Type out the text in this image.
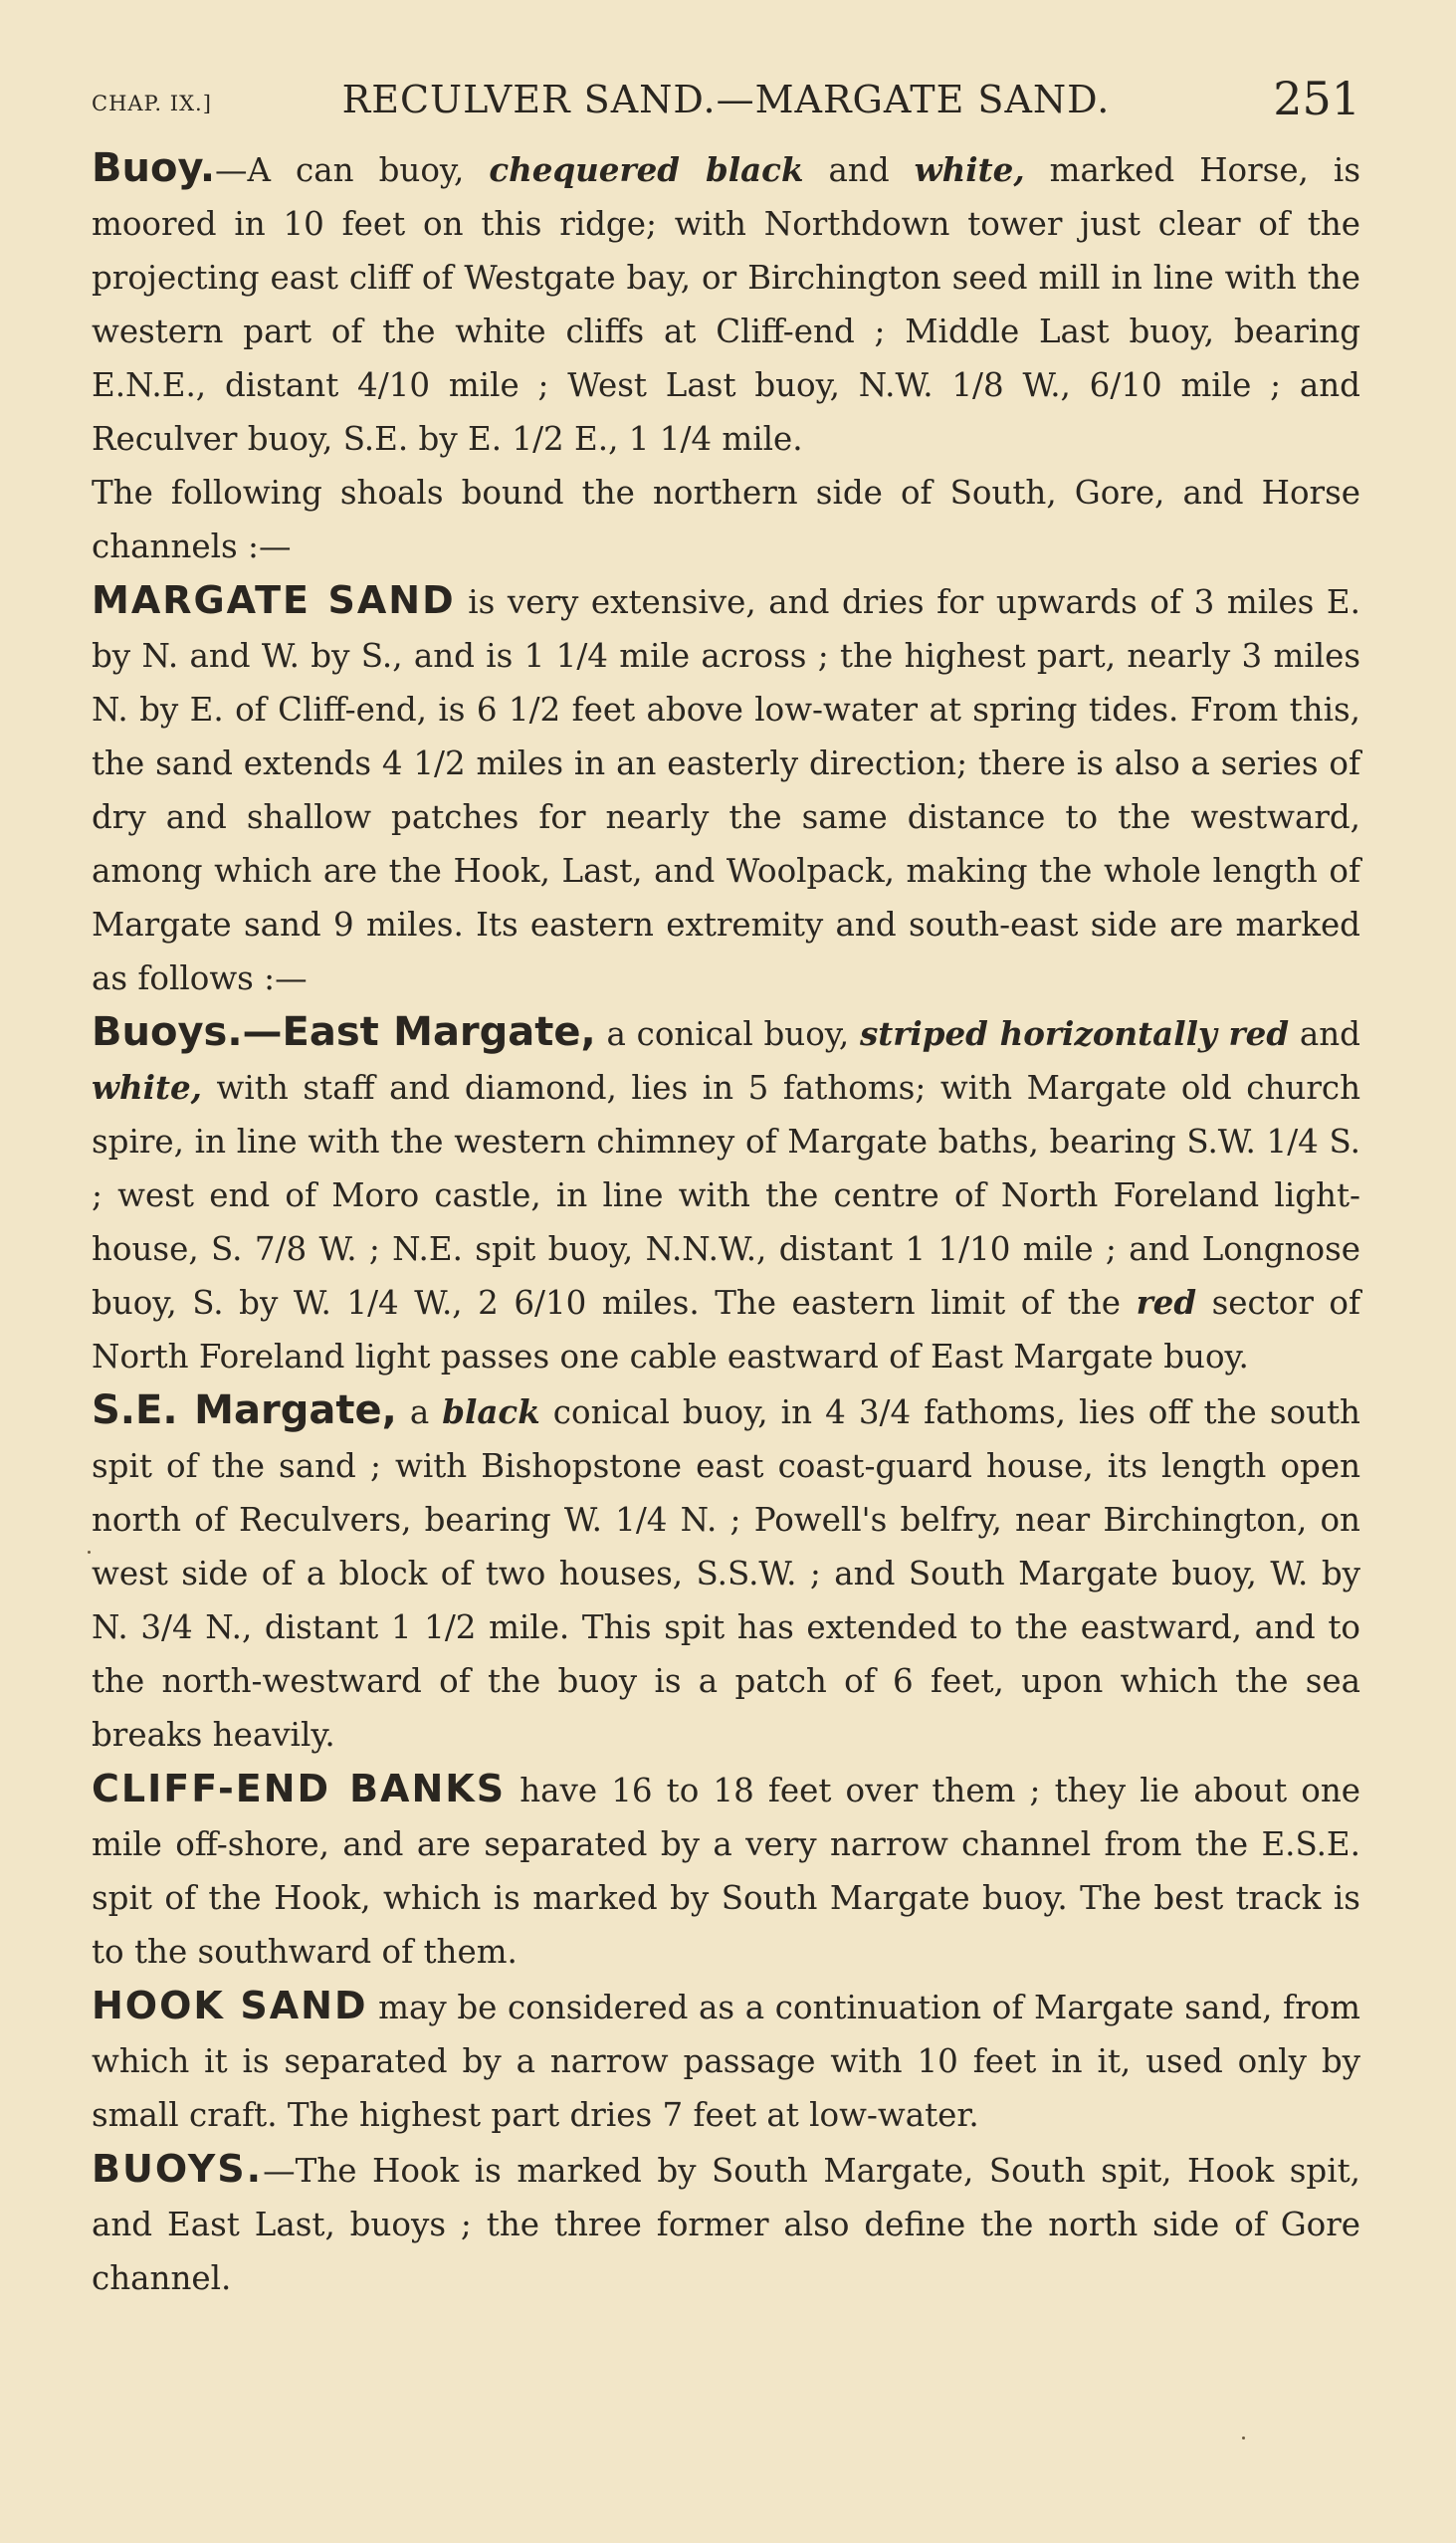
CHAP. IX.]	RECULVER SAND.—MARGATE SAND.	251

Buoy.—A can buoy, chequered black and white, marked Horse, is moored in 10 feet on this ridge; with Northdown tower just clear of the projecting east cliff of Westgate bay, or Birchington seed mill in line with the western part of the white cliffs at Cliff-end ; Middle Last buoy, bearing E.N.E., distant 4/10 mile ; West Last buoy, N.W. 1/8 W., 6/10 mile ; and Reculver buoy, S.E. by E. 1/2 E., 1 1/4 mile.

The following shoals bound the northern side of South, Gore, and Horse channels :—

MARGATE SAND is very extensive, and dries for upwards of 3 miles E. by N. and W. by S., and is 1 1/4 mile across ; the highest part, nearly 3 miles N. by E. of Cliff-end, is 6 1/2 feet above low-water at spring tides. From this, the sand extends 4 1/2 miles in an easterly direction; there is also a series of dry and shallow patches for nearly the same distance to the westward, among which are the Hook, Last, and Woolpack, making the whole length of Margate sand 9 miles. Its eastern extremity and south-east side are marked as follows :—

Buoys.—East Margate, a conical buoy, striped horizontally red and white, with staff and diamond, lies in 5 fathoms; with Margate old church spire, in line with the western chimney of Margate baths, bearing S.W. 1/4 S. ; west end of Moro castle, in line with the centre of North Foreland light-house, S. 7/8 W. ; N.E. spit buoy, N.N.W., distant 1 1/10 mile ; and Longnose buoy, S. by W. 1/4 W., 2 6/10 miles. The eastern limit of the red sector of North Foreland light passes one cable eastward of East Margate buoy.

S.E. Margate, a black conical buoy, in 4 3/4 fathoms, lies off the south spit of the sand ; with Bishopstone east coast-guard house, its length open north of Reculvers, bearing W. 1/4 N. ; Powell's belfry, near Birchington, on west side of a block of two houses, S.S.W. ; and South Margate buoy, W. by N. 3/4 N., distant 1 1/2 mile. This spit has extended to the eastward, and to the north-westward of the buoy is a patch of 6 feet, upon which the sea breaks heavily.

CLIFF-END BANKS have 16 to 18 feet over them ; they lie about one mile off-shore, and are separated by a very narrow channel from the E.S.E. spit of the Hook, which is marked by South Margate buoy. The best track is to the southward of them.

HOOK SAND may be considered as a continuation of Margate sand, from which it is separated by a narrow passage with 10 feet in it, used only by small craft. The highest part dries 7 feet at low-water.

BUOYS.—The Hook is marked by South Margate, South spit, Hook spit, and East Last, buoys ; the three former also define the north side of Gore channel.
